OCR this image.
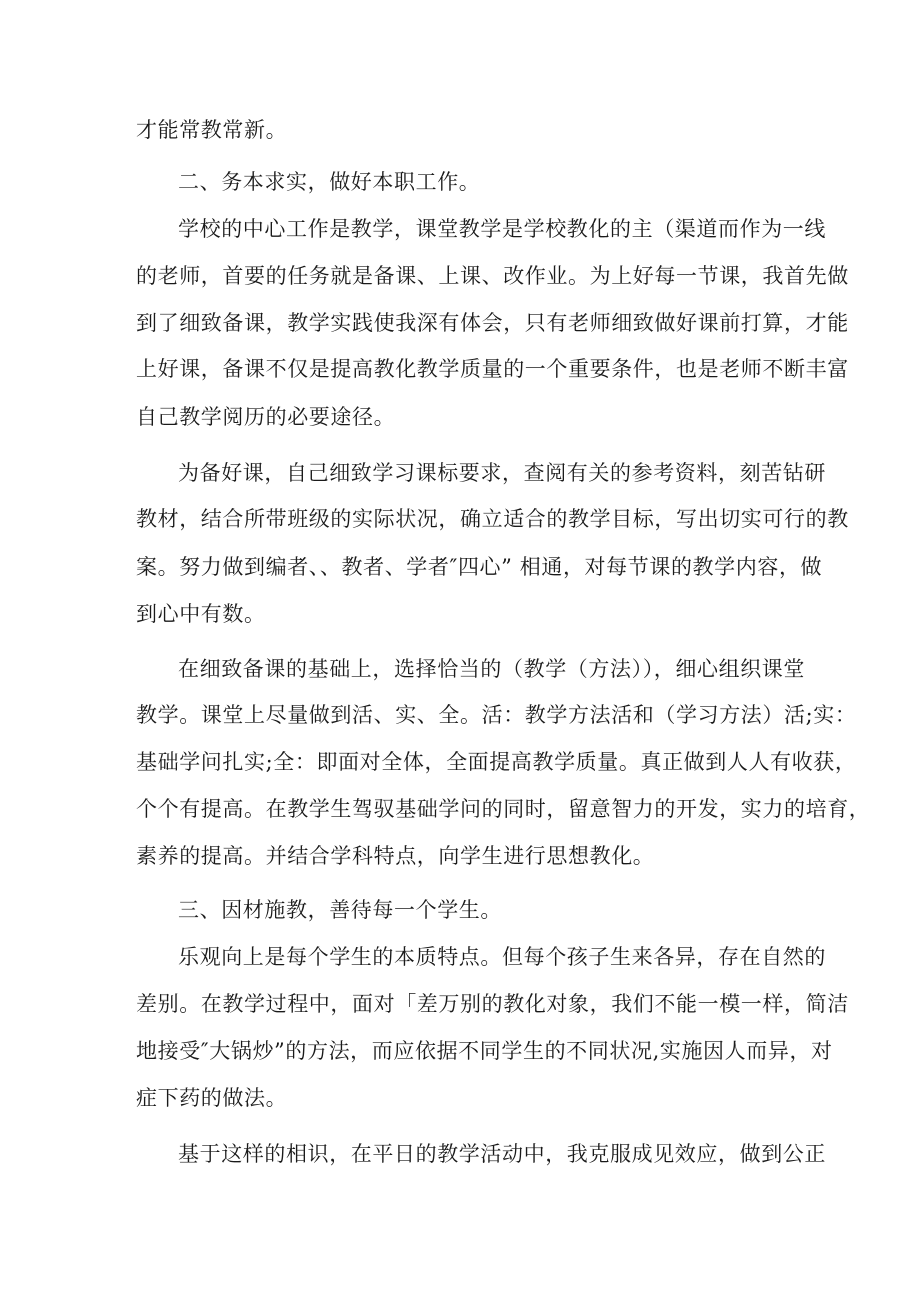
才能常教常新。
二、务本求实，做好本职工作。
学校的中心工作是教学，课堂教学是学校教化的主（渠道而作为一线
的老师，首要的任务就是备课、上课、改作业。为上好每一节课，我首先做
到了细致备课，教学实践使我深有体会，只有老师细致做好课前打算，才能
上好课，备课不仅是提高教化教学质量的一个重要条件，也是老师不断丰富
自己教学阅历的必要途径。
为备好课，自己细致学习课标要求，查阅有关的参考资料，刻苦钻研
教材，结合所带班级的实际状况，确立适合的教学目标，写出切实可行的教
案。努力做到编者、、教者、学者″四心” 相通，对每节课的教学内容，做
到心中有数。
在细致备课的基础上，选择恰当的（教学（方法）），细心组织课堂
教学。课堂上尽量做到活、实、全。活：教学方法活和（学习方法）活;实：
基础学问扎实;全：即面对全体，全面提高教学质量。真正做到人人有收获，
个个有提高。在教学生驾驭基础学问的同时，留意智力的开发，实力的培育，
素养的提高。并结合学科特点，向学生进行思想教化。
三、因材施教，善待每一个学生。
乐观向上是每个学生的本质特点。但每个孩子生来各异，存在自然的
差别。在教学过程中，面对「差万别的教化对象，我们不能一模一样，简洁
地接受″大锅炒”的方法，而应依据不同学生的不同状况,实施因人而异，对
症下药的做法。
基于这样的相识，在平日的教学活动中，我克服成见效应，做到公正
